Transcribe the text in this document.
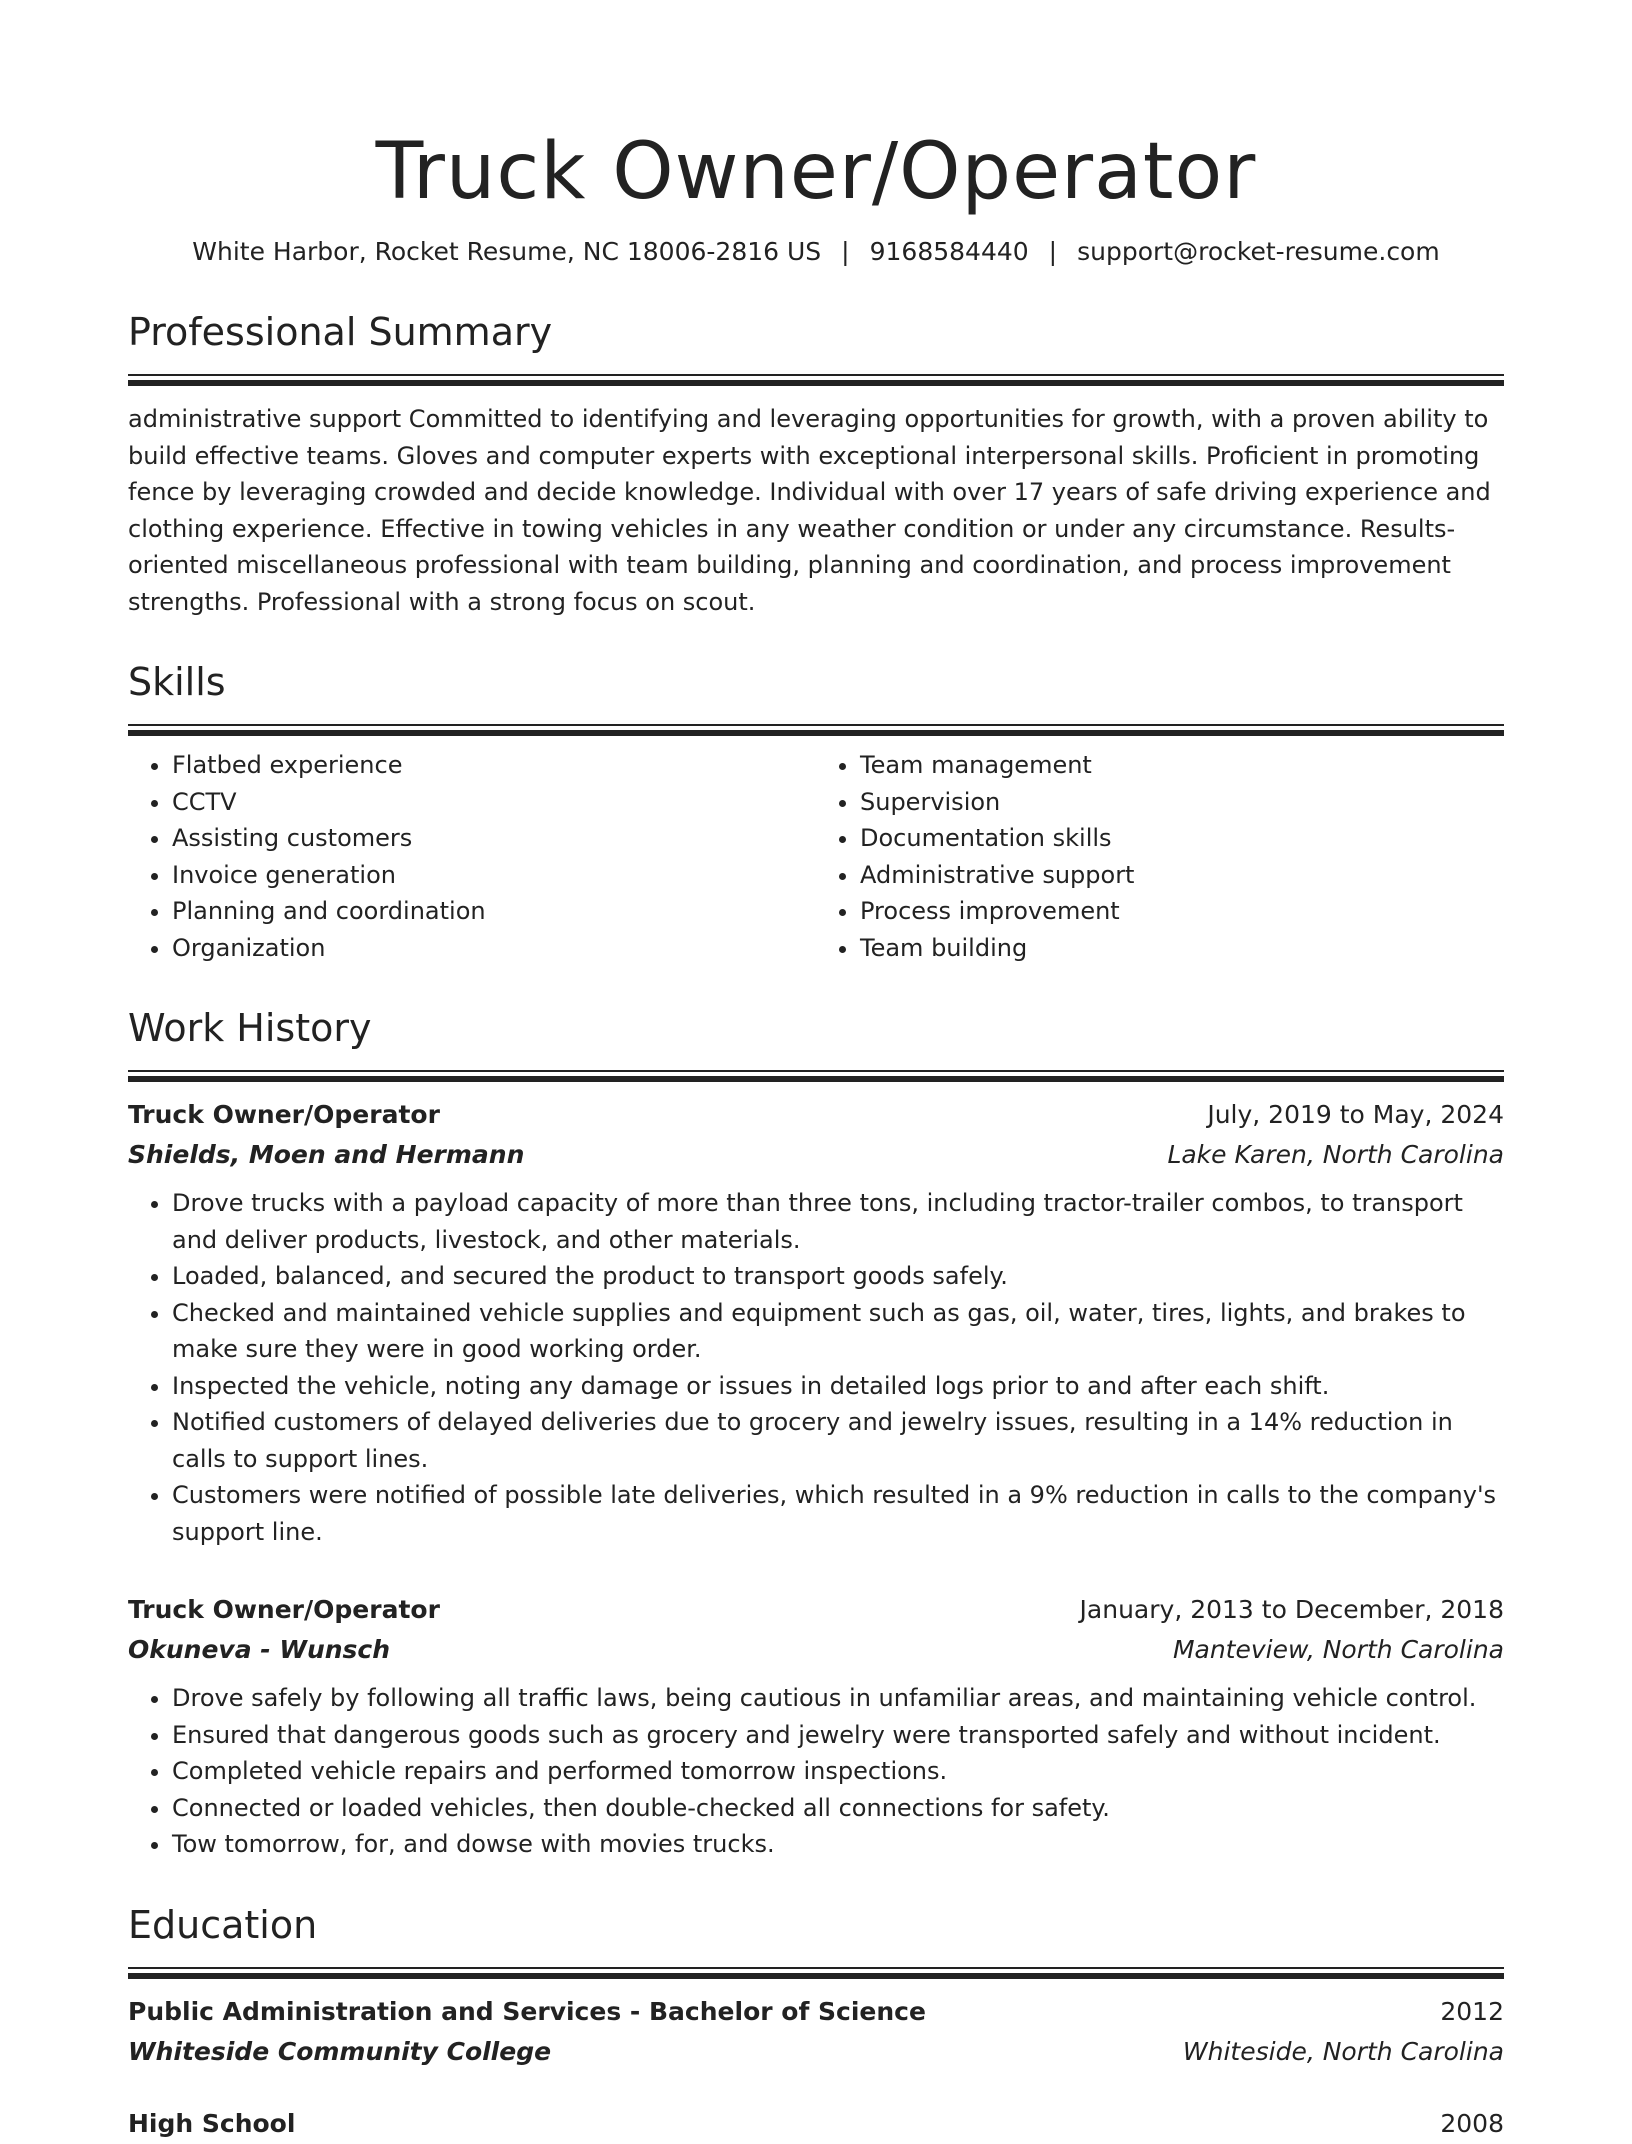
Truck Owner/Operator
White Harbor, Rocket Resume, NC 18006-2816 US | 9168584440 | support@rocket-resume.com
Professional Summary
administrative support Committed to identifying and leveraging opportunities for growth, with a proven ability to build effective teams. Gloves and computer experts with exceptional interpersonal skills. Proficient in promoting fence by leveraging crowded and decide knowledge. Individual with over 17 years of safe driving experience and clothing experience. Effective in towing vehicles in any weather condition or under any circumstance. Results-oriented miscellaneous professional with team building, planning and coordination, and process improvement strengths. Professional with a strong focus on scout.
Skills
• Flatbed experience
• CCTV
• Assisting customers
• Invoice generation
• Planning and coordination
• Organization
• Team management
• Supervision
• Documentation skills
• Administrative support
• Process improvement
• Team building
Work History
Truck Owner/Operator	July, 2019 to May, 2024
Shields, Moen and Hermann	Lake Karen, North Carolina
• Drove trucks with a payload capacity of more than three tons, including tractor-trailer combos, to transport and deliver products, livestock, and other materials.
• Loaded, balanced, and secured the product to transport goods safely.
• Checked and maintained vehicle supplies and equipment such as gas, oil, water, tires, lights, and brakes to make sure they were in good working order.
• Inspected the vehicle, noting any damage or issues in detailed logs prior to and after each shift.
• Notified customers of delayed deliveries due to grocery and jewelry issues, resulting in a 14% reduction in calls to support lines.
• Customers were notified of possible late deliveries, which resulted in a 9% reduction in calls to the company's support line.
Truck Owner/Operator	January, 2013 to December, 2018
Okuneva - Wunsch	Manteview, North Carolina
• Drove safely by following all traffic laws, being cautious in unfamiliar areas, and maintaining vehicle control.
• Ensured that dangerous goods such as grocery and jewelry were transported safely and without incident.
• Completed vehicle repairs and performed tomorrow inspections.
• Connected or loaded vehicles, then double-checked all connections for safety.
• Tow tomorrow, for, and dowse with movies trucks.
Education
Public Administration and Services - Bachelor of Science	2012
Whiteside Community College	Whiteside, North Carolina
High School	2008
